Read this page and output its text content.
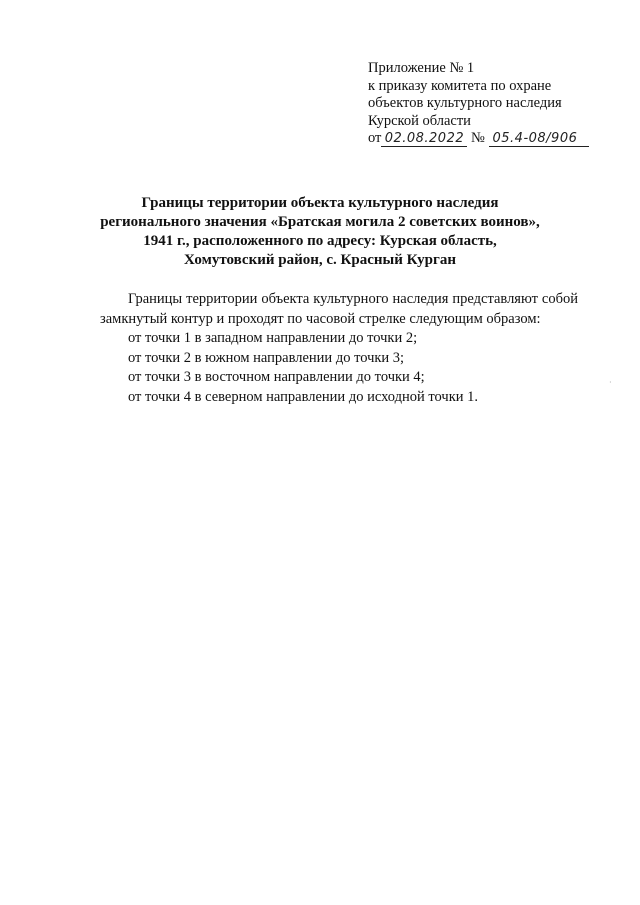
Приложение № 1
к приказу комитета по охране
объектов культурного наследия
Курской области
от 02.08.2022 № 05.4-08/906
Границы территории объекта культурного наследия
регионального значения «Братская могила 2 советских воинов»,
1941 г., расположенного по адресу: Курская область,
Хомутовский район, с. Красный Курган

Границы территории объекта культурного наследия представляют собой замкнутый контур и проходят по часовой стрелке следующим образом:

от точки 1 в западном направлении до точки 2;
от точки 2 в южном направлении до точки 3;
от точки 3 в восточном направлении до точки 4;
от точки 4 в северном направлении до исходной точки 1.
·
